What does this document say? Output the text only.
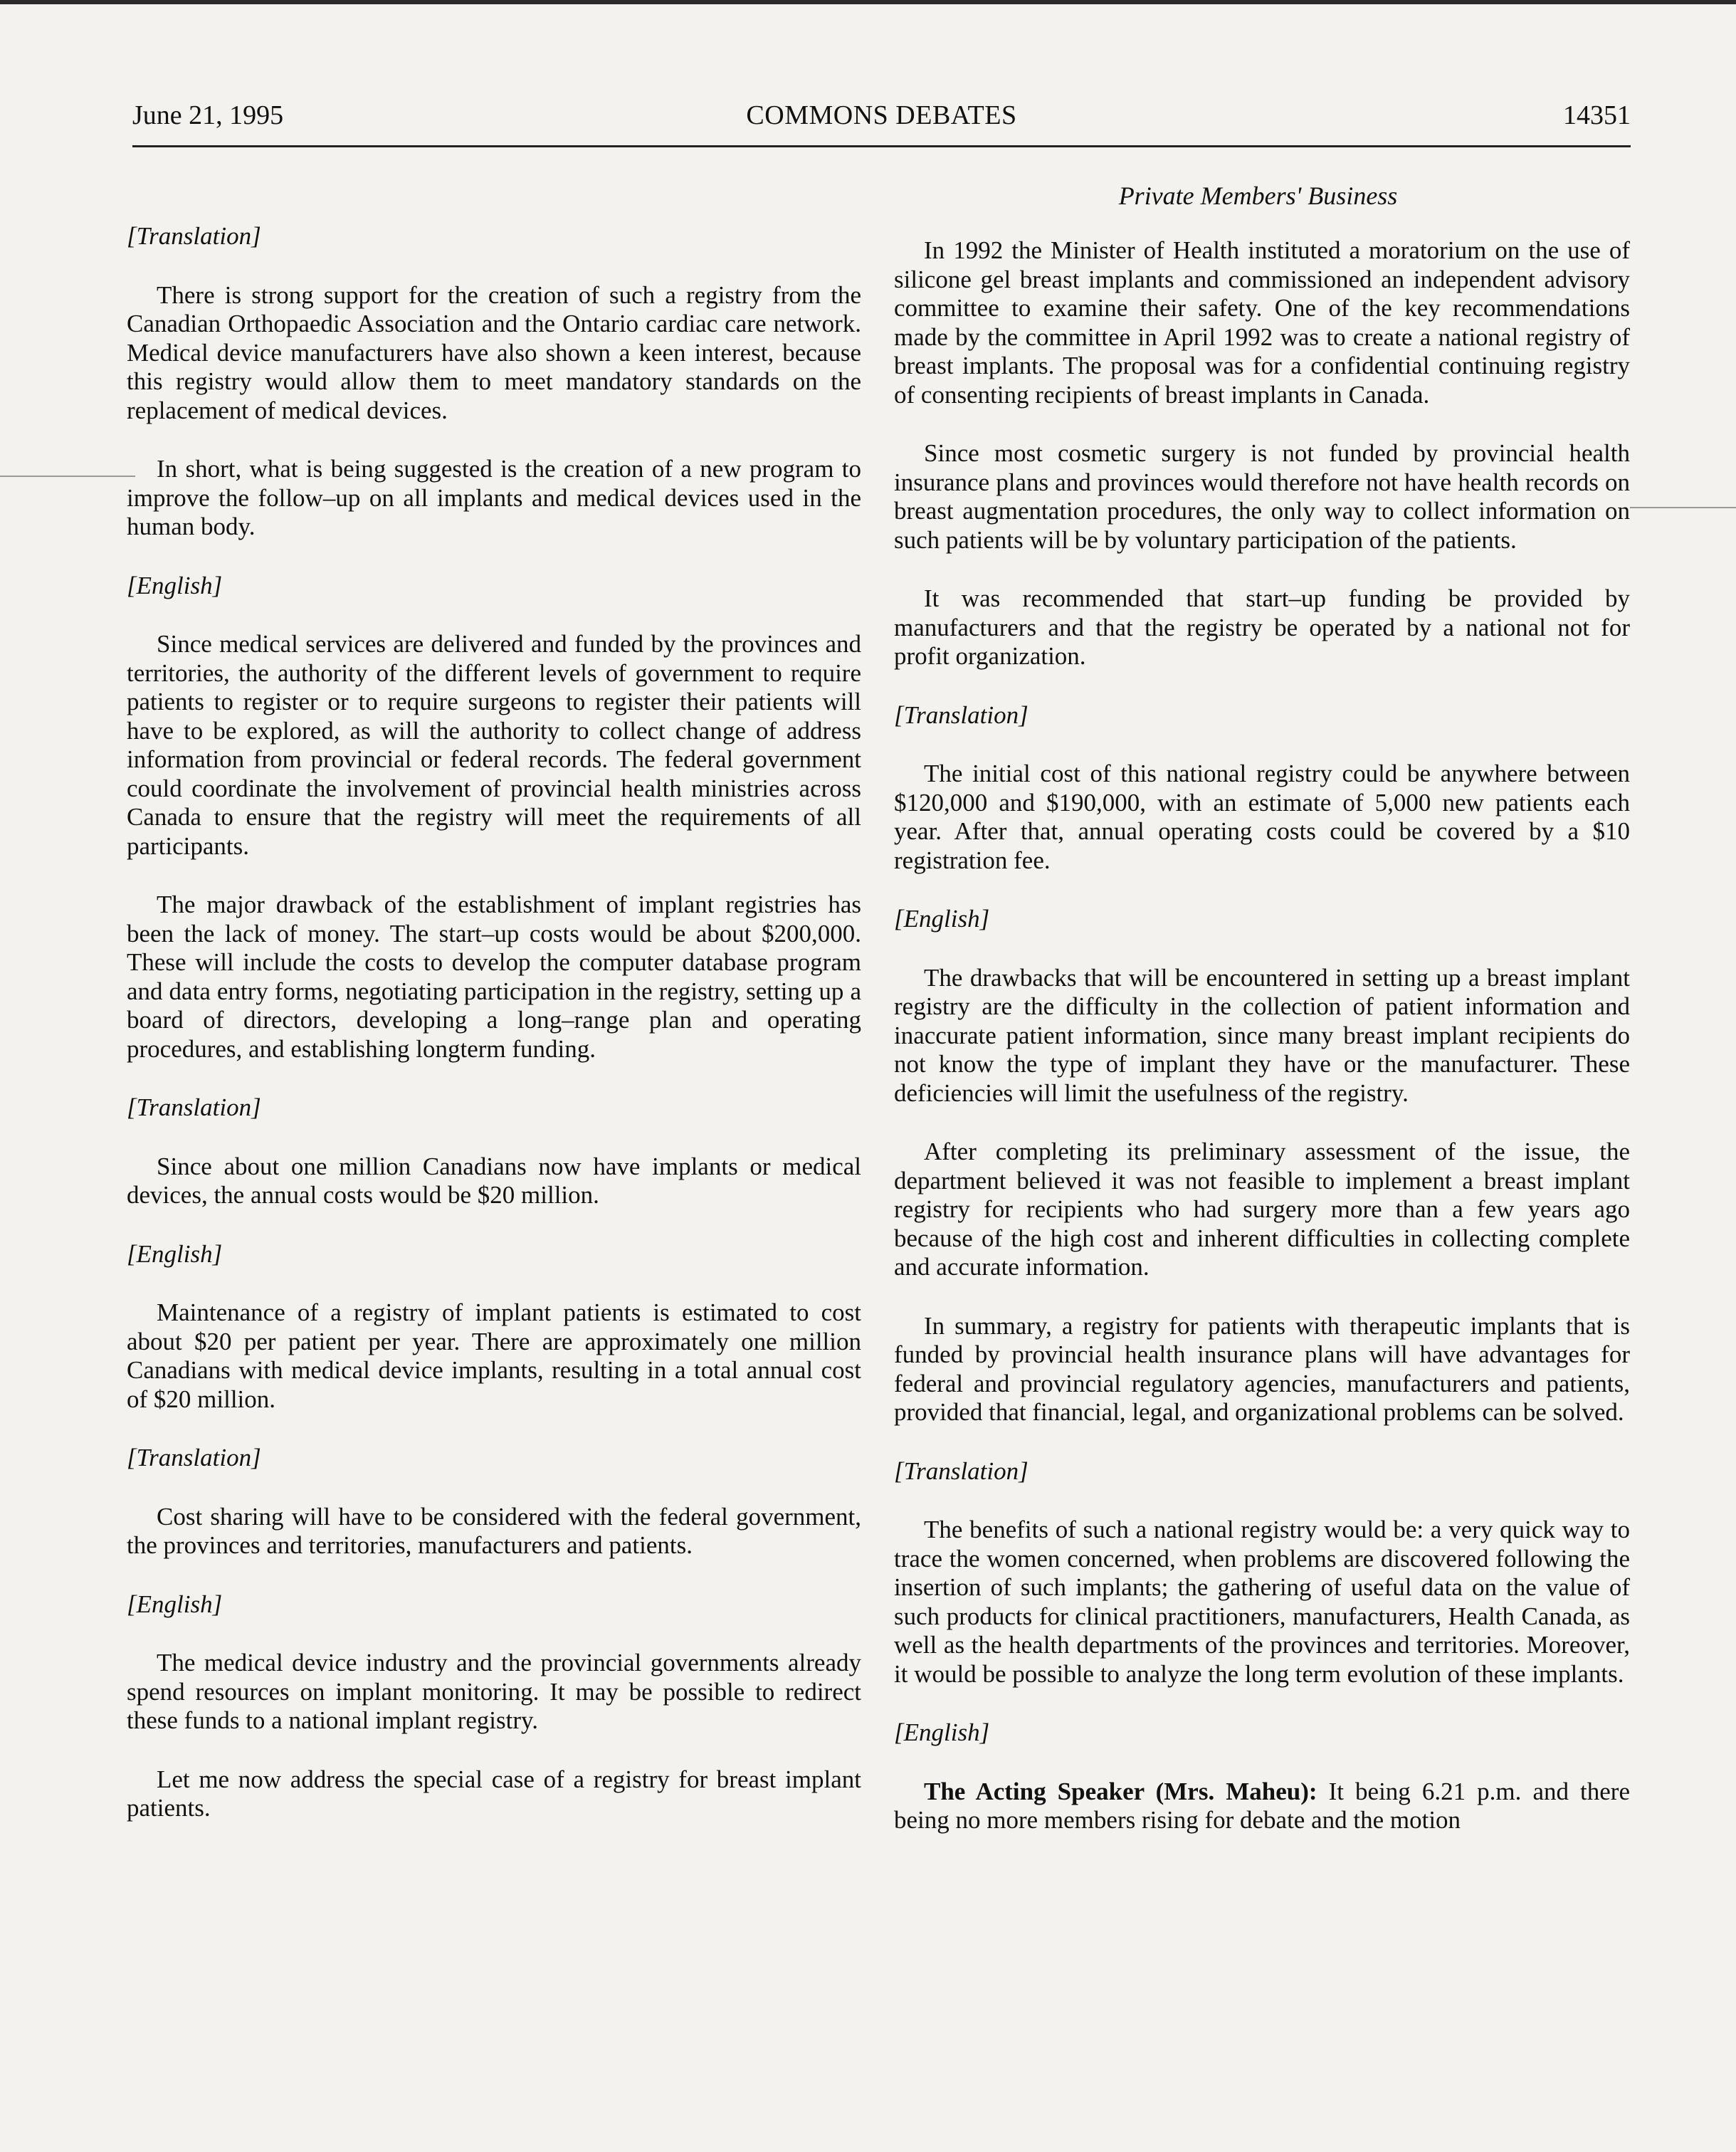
COMMONS DEBATES
June 21, 1995	14351
Private Members' Business

[Translation]

There is strong support for the creation of such a registry from the Canadian Orthopaedic Association and the Ontario cardiac care network. Medical device manufacturers have also shown a keen interest, because this registry would allow them to meet mandatory standards on the replacement of medical devices.

In short, what is being suggested is the creation of a new program to improve the follow–up on all implants and medical devices used in the human body.

[English]

Since medical services are delivered and funded by the provinces and territories, the authority of the different levels of government to require patients to register or to require surgeons to register their patients will have to be explored, as will the authority to collect change of address information from provincial or federal records. The federal government could coordinate the involvement of provincial health ministries across Canada to ensure that the registry will meet the requirements of all participants.

The major drawback of the establishment of implant registries has been the lack of money. The start–up costs would be about $200,000. These will include the costs to develop the computer database program and data entry forms, negotiating participation in the registry, setting up a board of directors, developing a long–range plan and operating procedures, and establishing longterm funding.

[Translation]

Since about one million Canadians now have implants or medical devices, the annual costs would be $20 million.

[English]

Maintenance of a registry of implant patients is estimated to cost about $20 per patient per year. There are approximately one million Canadians with medical device implants, resulting in a total annual cost of $20 million.

[Translation]

Cost sharing will have to be considered with the federal government, the provinces and territories, manufacturers and patients.

[English]

The medical device industry and the provincial governments already spend resources on implant monitoring. It may be possible to redirect these funds to a national implant registry.

Let me now address the special case of a registry for breast implant patients.

In 1992 the Minister of Health instituted a moratorium on the use of silicone gel breast implants and commissioned an independent advisory committee to examine their safety. One of the key recommendations made by the committee in April 1992 was to create a national registry of breast implants. The proposal was for a confidential continuing registry of consenting recipients of breast implants in Canada.

Since most cosmetic surgery is not funded by provincial health insurance plans and provinces would therefore not have health records on breast augmentation procedures, the only way to collect information on such patients will be by voluntary participation of the patients.

It was recommended that start–up funding be provided by manufacturers and that the registry be operated by a national not for profit organization.

[Translation]

The initial cost of this national registry could be anywhere between $120,000 and $190,000, with an estimate of 5,000 new patients each year. After that, annual operating costs could be covered by a $10 registration fee.

[English]

The drawbacks that will be encountered in setting up a breast implant registry are the difficulty in the collection of patient information and inaccurate patient information, since many breast implant recipients do not know the type of implant they have or the manufacturer. These deficiencies will limit the usefulness of the registry.

After completing its preliminary assessment of the issue, the department believed it was not feasible to implement a breast implant registry for recipients who had surgery more than a few years ago because of the high cost and inherent difficulties in collecting complete and accurate information.

In summary, a registry for patients with therapeutic implants that is funded by provincial health insurance plans will have advantages for federal and provincial regulatory agencies, manufacturers and patients, provided that financial, legal, and organizational problems can be solved.

[Translation]

The benefits of such a national registry would be: a very quick way to trace the women concerned, when problems are discovered following the insertion of such implants; the gathering of useful data on the value of such products for clinical practitioners, manufacturers, Health Canada, as well as the health departments of the provinces and territories. Moreover, it would be possible to analyze the long term evolution of these implants.

[English]

The Acting Speaker (Mrs. Maheu): It being 6.21 p.m. and there being no more members rising for debate and the motion
